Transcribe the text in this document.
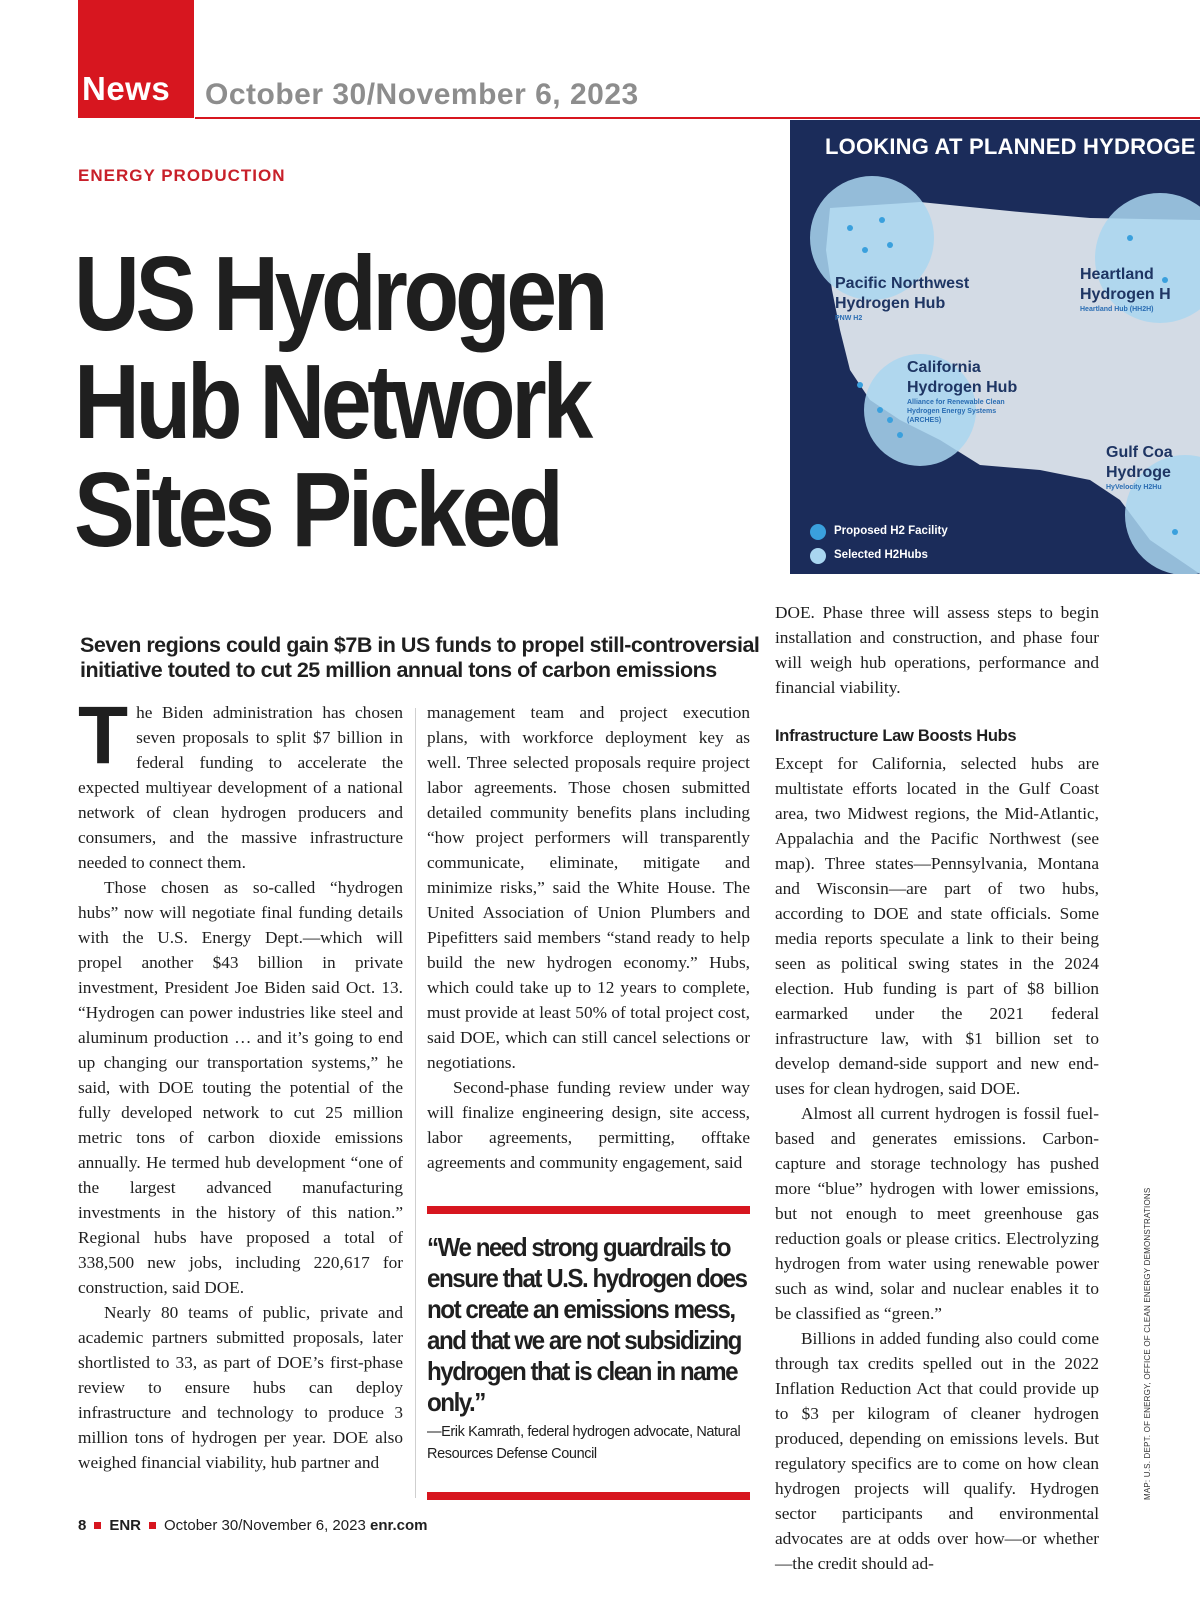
News October 30/November 6, 2023
ENERGY PRODUCTION
US Hydrogen
Hub Network
Sites Picked

Seven regions could gain $7B in US funds to propel still-controversial initiative touted to cut 25 million annual tons of carbon emissions

The Biden administration has chosen seven proposals to split $7 billion in federal funding to accelerate the expected multiyear development of a national network of clean hydrogen producers and consumers, and the massive infrastructure needed to connect them.

Those chosen as so-called “hydrogen hubs” now will negotiate final funding details with the U.S. Energy Dept.—which will propel another $43 billion in private investment, President Joe Biden said Oct. 13. “Hydrogen can power industries like steel and aluminum production … and it’s going to end up changing our transportation systems,” he said, with DOE touting the potential of the fully developed network to cut 25 million metric tons of carbon dioxide emissions annually. He termed hub development “one of the largest advanced manufacturing investments in the history of this nation.” Regional hubs have proposed a total of 338,500 new jobs, including 220,617 for construction, said DOE.

Nearly 80 teams of public, private and academic partners submitted proposals, later shortlisted to 33, as part of DOE’s first-phase review to ensure hubs can deploy infrastructure and technology to produce 3 million tons of hydrogen per year. DOE also weighed financial viability, hub partner and

management team and project execution plans, with workforce deployment key as well. Three selected proposals require project labor agreements. Those chosen submitted detailed community benefits plans including “how project performers will transparently communicate, eliminate, mitigate and minimize risks,” said the White House. The United Association of Union Plumbers and Pipefitters said members “stand ready to help build the new hydrogen economy.” Hubs, which could take up to 12 years to complete, must provide at least 50% of total project cost, said DOE, which can still cancel selections or negotiations.

Second-phase funding review under way will finalize engineering design, site access, labor agreements, permitting, offtake agreements and community engagement, said

“We need strong guardrails to ensure that U.S. hydrogen does not create an emissions mess, and that we are not subsidizing hydrogen that is clean in name only.”

—Erik Kamrath, federal hydrogen advocate, Natural Resources Defense Council

DOE. Phase three will assess steps to begin installation and construction, and phase four will weigh hub operations, performance and financial viability.

Infrastructure Law Boosts Hubs

Except for California, selected hubs are multistate efforts located in the Gulf Coast area, two Midwest regions, the Mid-Atlantic, Appalachia and the Pacific Northwest (see map). Three states—Pennsylvania, Montana and Wisconsin—are part of two hubs, according to DOE and state officials. Some media reports speculate a link to their being seen as political swing states in the 2024 election. Hub funding is part of $8 billion earmarked under the 2021 federal infrastructure law, with $1 billion set to develop demand-side support and new end-uses for clean hydrogen, said DOE.

Almost all current hydrogen is fossil fuel-based and generates emissions. Carbon-capture and storage technology has pushed more “blue” hydrogen with lower emissions, but not enough to meet greenhouse gas reduction goals or please critics. Electrolyzing hydrogen from water using renewable power such as wind, solar and nuclear enables it to be classified as “green.”

Billions in added funding also could come through tax credits spelled out in the 2022 Inflation Reduction Act that could provide up to $3 per kilogram of cleaner hydrogen produced, depending on emissions levels. But regulatory specifics are to come on how clean hydrogen projects will qualify. Hydrogen sector participants and environmental advocates are at odds over how—or whether—the credit should ad-

LOOKING AT PLANNED HYDROGE
Pacific Northwest
Hydrogen Hub
PNW H2
California
Hydrogen Hub
Alliance for Renewable Clean
Hydrogen Energy Systems
(ARCHES)
Heartland
Hydrogen H
Heartland Hub (HH2H)
Gulf Coa
Hydroge
HyVelocity H2Hu
Proposed H2 Facility
Selected H2Hubs
MAP: U.S. DEPT. OF ENERGY, OFFICE OF CLEAN ENERGY DEMONSTRATIONS
8 ENR October 30/November 6, 2023 enr.com
